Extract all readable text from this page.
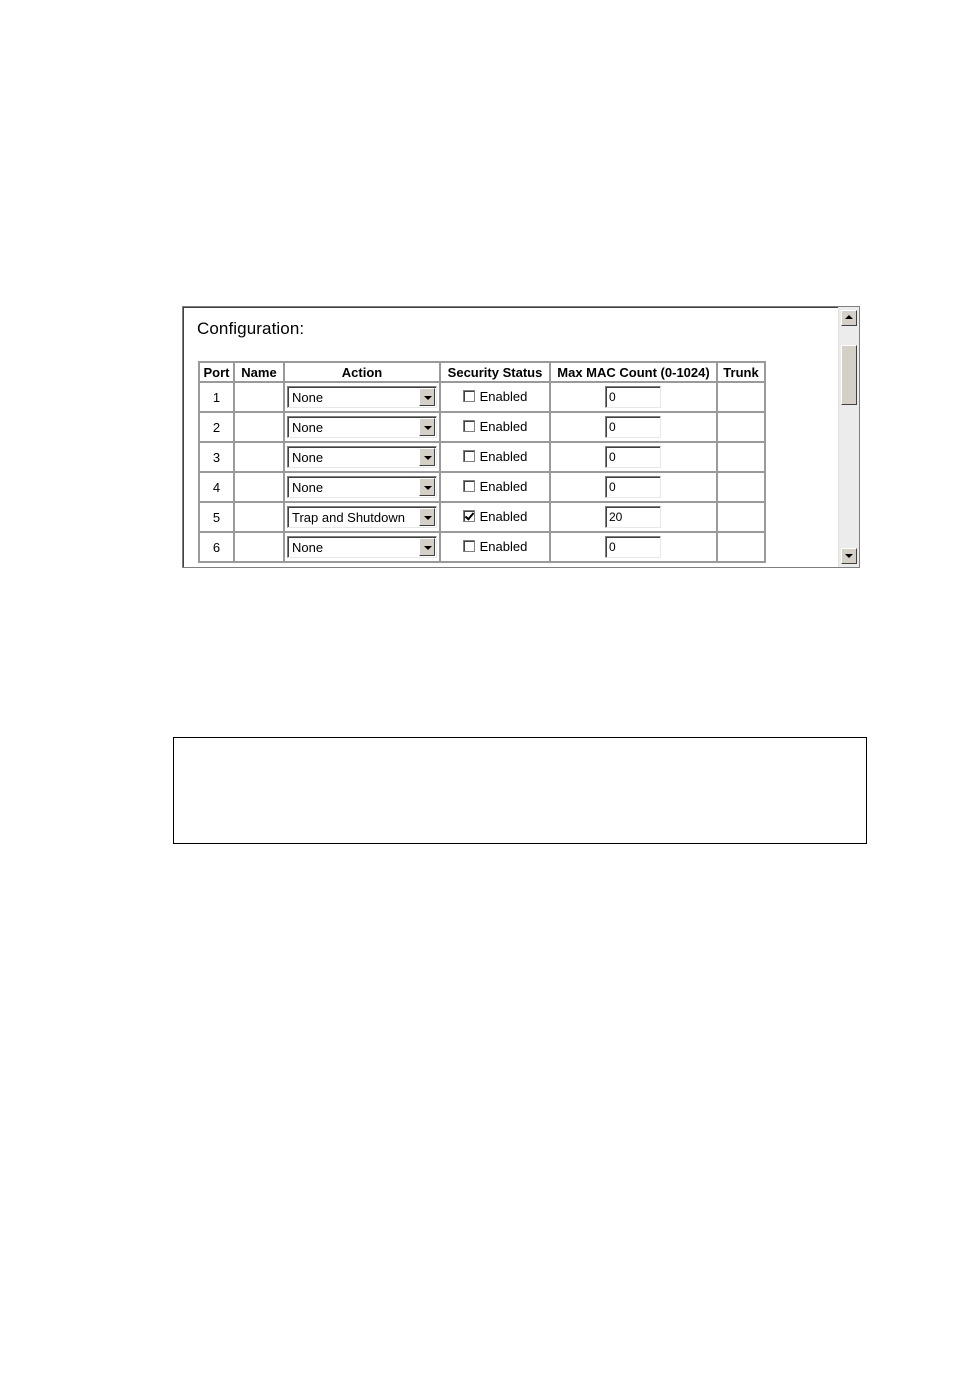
Configuration:
Port	Name	Action	Security Status	Max MAC Count (0-1024)	Trunk
1		None	Enabled	0	

2		None	Enabled	0	

3		None	Enabled	0	

4		None	Enabled	0	

5		Trap and Shutdown	Enabled	20	

6		None	Enabled	0	
